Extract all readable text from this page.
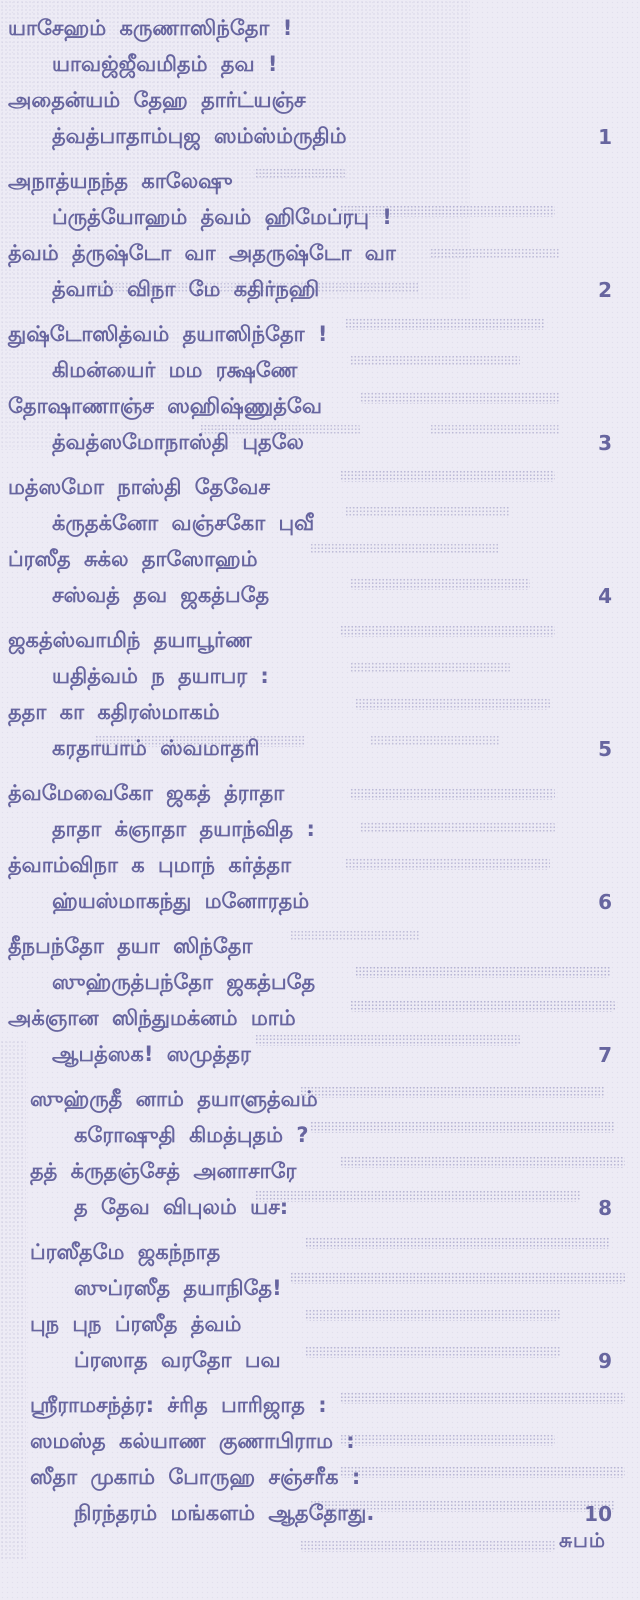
யாசேஹம் கருணாஸிந்தோ !
யாவஜ்ஜீவமிதம் தவ !
அதைன்யம் தேஹ தார்ட்யஞ்ச
த்வத்பாதாம்புஜ ஸம்ஸ்ம்ருதிம்	1
அநாத்யநந்த காலேஷு
ப்ருத்யோஹம் த்வம் ஹிமேப்ரபு !
த்வம் த்ருஷ்டோ வா அதருஷ்டோ வா
த்வாம் விநா மே கதிர்நஹி	2
துஷ்டோஸித்வம் தயாஸிந்தோ !
கிமன்யைர் மம ரக்ஷணே
தோஷாணாஞ்ச ஸஹிஷ்ணுத்வே
த்வத்ஸமோநாஸ்தி புதலே	3
மத்ஸமோ நாஸ்தி தேவேச
க்ருதக்னோ வஞ்சகோ புவீ
ப்ரஸீத சுக்ல தாஸோஹம்
சஸ்வத் தவ ஜகத்பதே	4
ஜகத்ஸ்வாமிந் தயாபூர்ண
யதித்வம் ந தயாபர :
ததா கா கதிரஸ்மாகம்
கரதாயாம் ஸ்வமாதரி	5
த்வமேவைகோ ஜகத் த்ராதா
தாதா க்ஞாதா தயாந்வித :
த்வாம்விநா க புமாந் கர்த்தா
ஹ்யஸ்மாகந்து மனோரதம்	6
தீநபந்தோ தயா ஸிந்தோ
ஸுஹ்ருத்பந்தோ ஜகத்பதே
அக்ஞான ஸிந்துமக்னம் மாம்
ஆபத்ஸக! ஸமுத்தர	7
ஸுஹ்ருதீ னாம் தயாளுத்வம்
கரோஷுதி கிமத்புதம் ?
தத் க்ருதஞ்சேத் அனாசாரே
த தேவ விபுலம் யச:	8
ப்ரஸீதமே ஜகந்நாத
ஸுப்ரஸீத தயாநிதே!
புந புந ப்ரஸீத த்வம்
ப்ரஸாத வரதோ பவ	9
ஸ்ரீராமசந்த்ர: ச்ரித பாரிஜாத :
ஸமஸ்த கல்யாண குணாபிராம :
ஸீதா முகாம் போருஹ சஞ்சரீக :
நிரந்தரம் மங்களம் ஆததோது.	10
சுபம்
